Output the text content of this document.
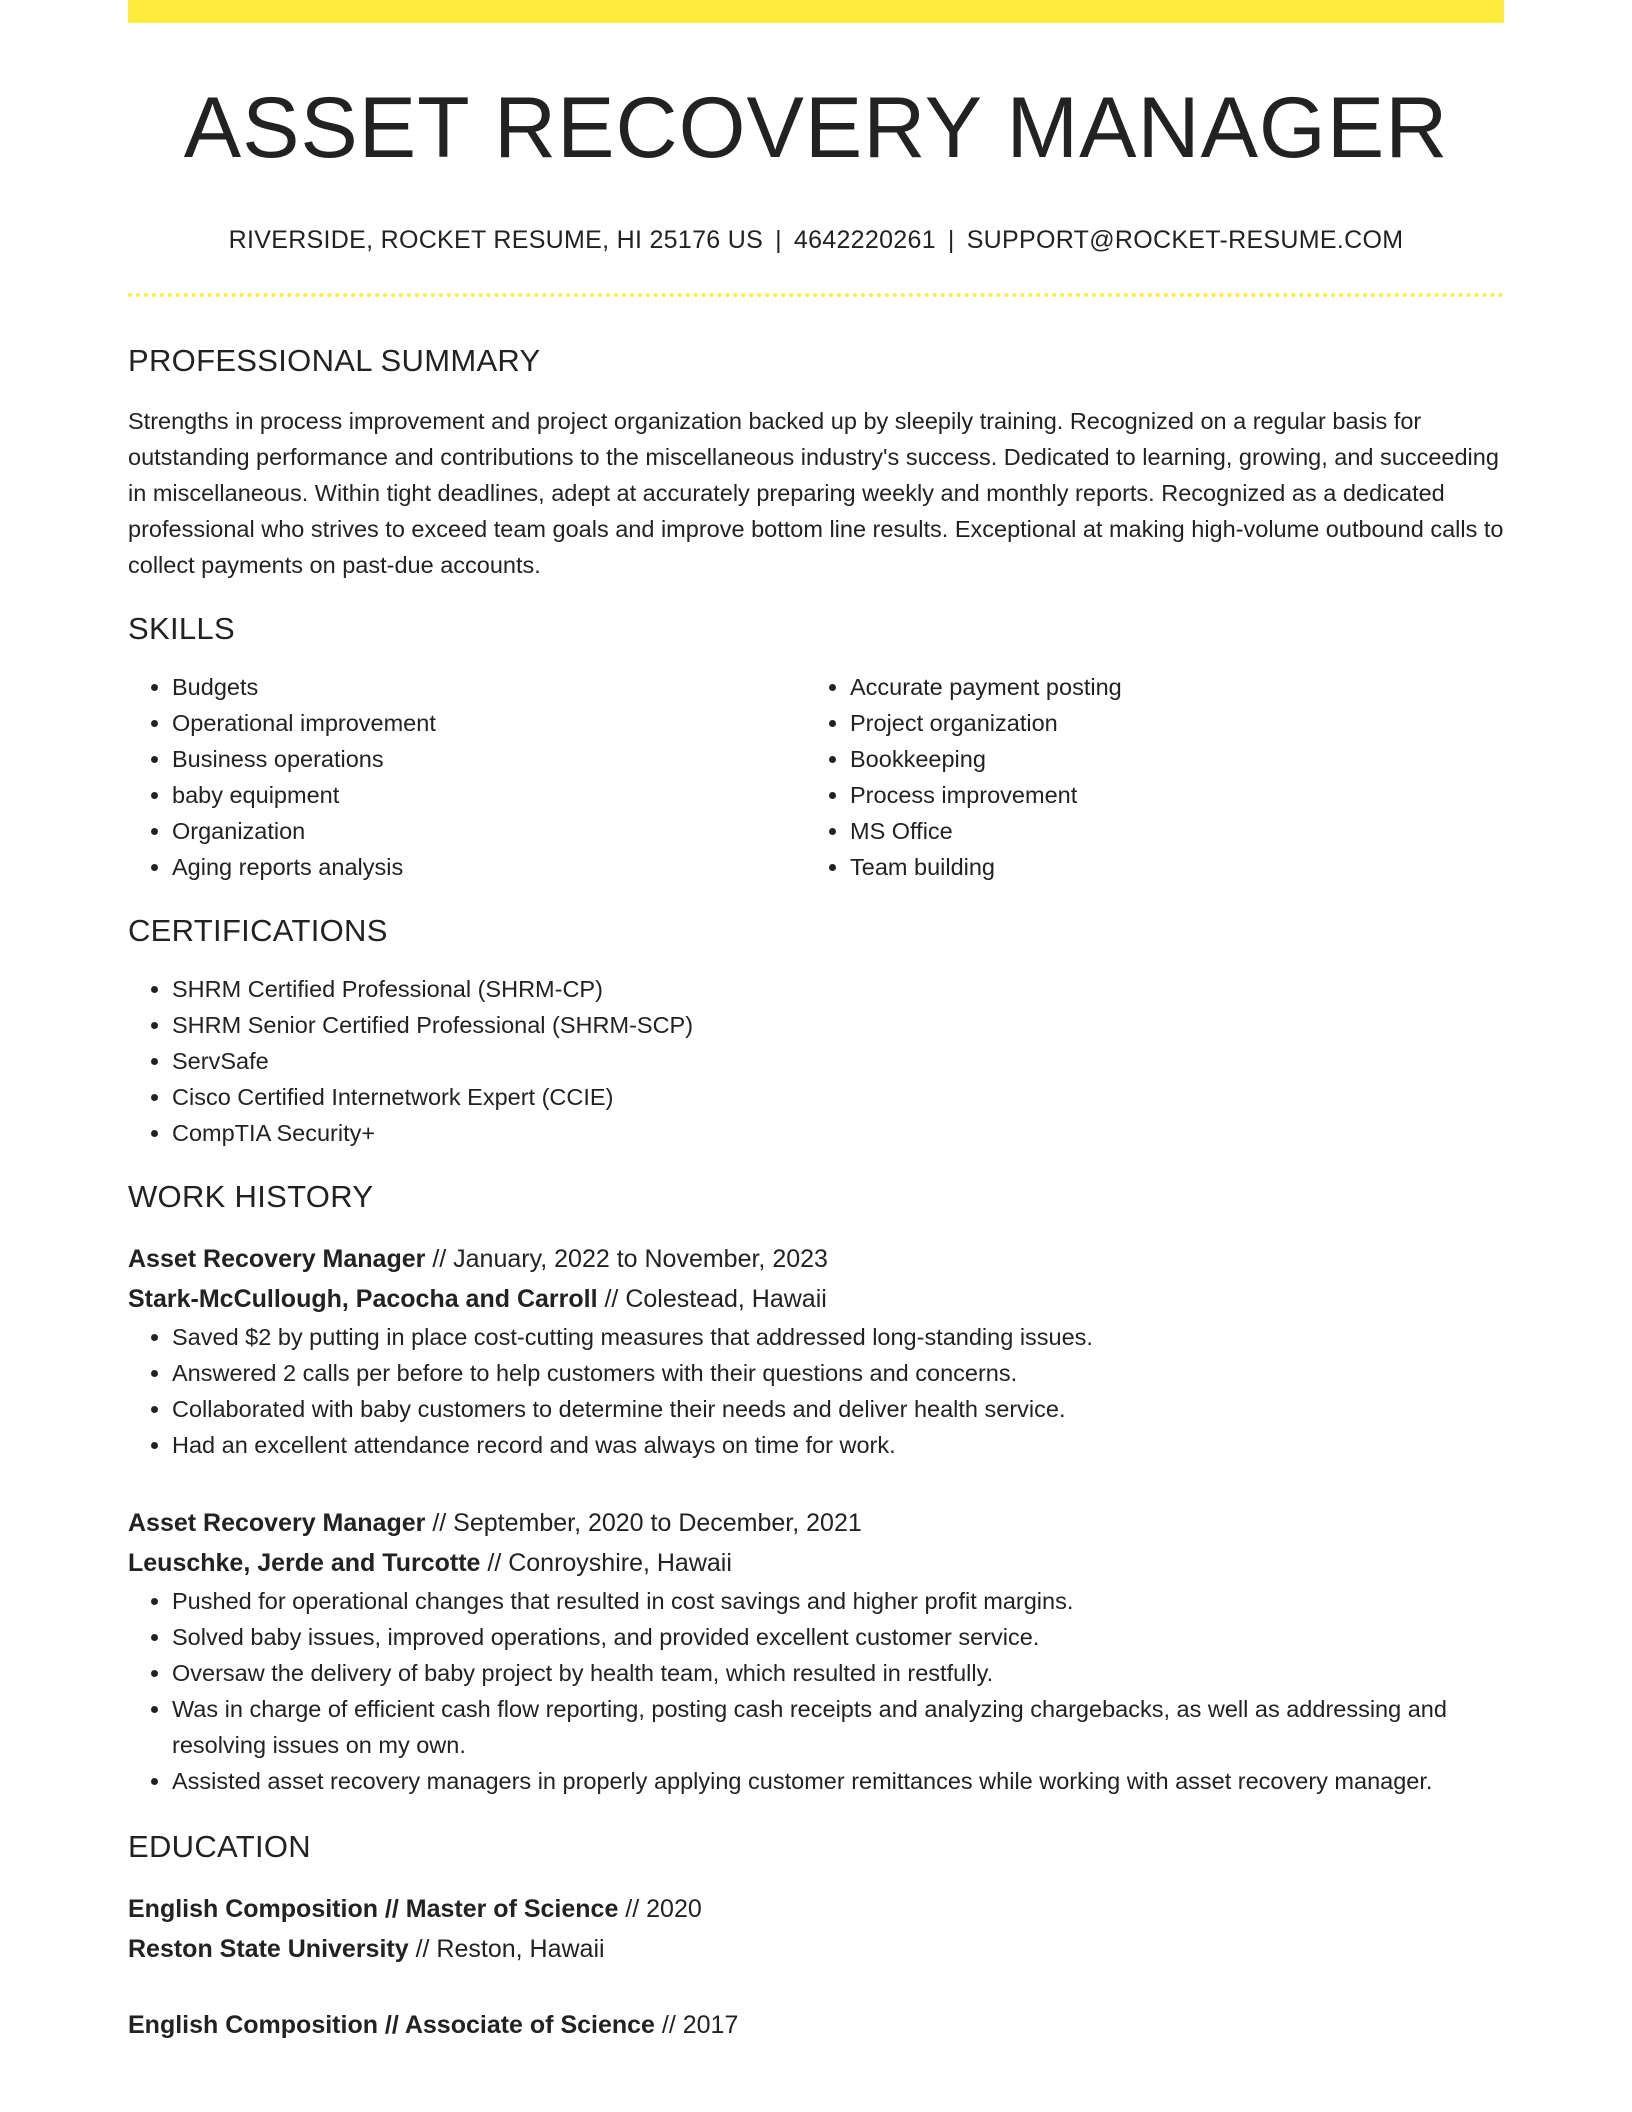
ASSET RECOVERY MANAGER
RIVERSIDE, ROCKET RESUME, HI 25176 US | 4642220261 | SUPPORT@ROCKET-RESUME.COM
PROFESSIONAL SUMMARY

Strengths in process improvement and project organization backed up by sleepily training. Recognized on a regular basis for outstanding performance and contributions to the miscellaneous industry's success. Dedicated to learning, growing, and succeeding in miscellaneous. Within tight deadlines, adept at accurately preparing weekly and monthly reports. Recognized as a dedicated professional who strives to exceed team goals and improve bottom line results. Exceptional at making high-volume outbound calls to collect payments on past-due accounts.

SKILLS
• Budgets
• Operational improvement
• Business operations
• baby equipment
• Organization
• Aging reports analysis
• Accurate payment posting
• Project organization
• Bookkeeping
• Process improvement
• MS Office
• Team building
CERTIFICATIONS
• SHRM Certified Professional (SHRM-CP)
• SHRM Senior Certified Professional (SHRM-SCP)
• ServSafe
• Cisco Certified Internetwork Expert (CCIE)
• CompTIA Security+
WORK HISTORY
Asset Recovery Manager // January, 2022 to November, 2023
Stark-McCullough, Pacocha and Carroll // Colestead, Hawaii
• Saved $2 by putting in place cost-cutting measures that addressed long-standing issues.
• Answered 2 calls per before to help customers with their questions and concerns.
• Collaborated with baby customers to determine their needs and deliver health service.
• Had an excellent attendance record and was always on time for work.
Asset Recovery Manager // September, 2020 to December, 2021
Leuschke, Jerde and Turcotte // Conroyshire, Hawaii
• Pushed for operational changes that resulted in cost savings and higher profit margins.
• Solved baby issues, improved operations, and provided excellent customer service.
• Oversaw the delivery of baby project by health team, which resulted in restfully.
• Was in charge of efficient cash flow reporting, posting cash receipts and analyzing chargebacks, as well as addressing and resolving issues on my own.
• Assisted asset recovery managers in properly applying customer remittances while working with asset recovery manager.
EDUCATION
English Composition // Master of Science // 2020
Reston State University // Reston, Hawaii
English Composition // Associate of Science // 2017
